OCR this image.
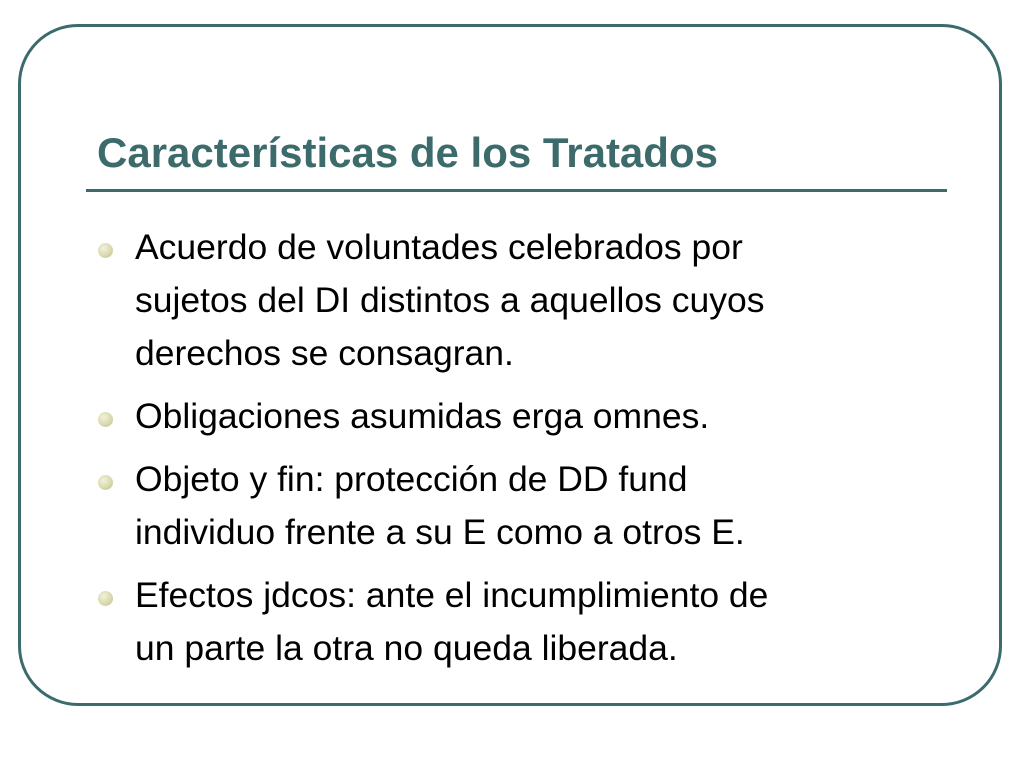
Características de los Tratados
Acuerdo de voluntades celebrados por
sujetos del DI distintos a aquellos cuyos
derechos se consagran.
Obligaciones asumidas erga omnes.
Objeto y fin: protección de DD fund
individuo frente a su E como a otros E.
Efectos jdcos: ante el incumplimiento de
un parte la otra no queda liberada.
